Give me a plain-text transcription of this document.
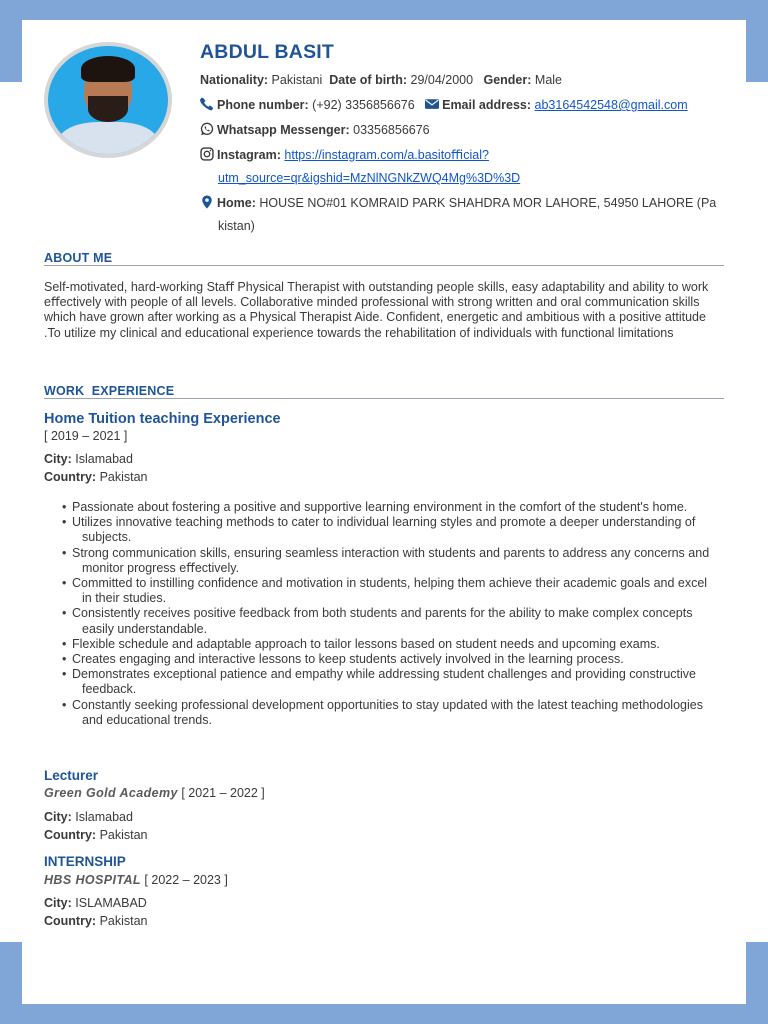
ABDUL BASIT
Nationality: Pakistani Date of birth: 29/04/2000 Gender: Male
Phone number: (+92) 3356856676 Email address: ab3164542548@gmail.com
Whatsapp Messenger: 03356856676
Instagram: https://instagram.com/a.basitoﬃcial?
utm_source=qr&igshid=MzNlNGNkZWQ4Mg%3D%3D
Home: HOUSE NO#01 KOMRAID PARK SHAHDRA MOR LAHORE, 54950 LAHORE (Pa
kistan)
ABOUT ME

Self-motivated, hard-working Staﬀ Physical Therapist with outstanding people skills, easy adaptability and ability to work eﬀectively with people of all levels. Collaborative minded professional with strong written and oral communication skills which have grown after working as a Physical Therapist Aide. Conﬁdent, energetic and ambitious with a positive attitude .To utilize my clinical and educational experience towards the rehabilitation of individuals with functional limitations

WORK  EXPERIENCE
Home Tuition teaching Experience
[ 2019 – 2021 ]
City: Islamabad
Country: Pakistan
• Passionate about fostering a positive and supportive learning environment in the comfort of the student's home.
• Utilizes innovative teaching methods to cater to individual learning styles and promote a deeper understanding of subjects.
• Strong communication skills, ensuring seamless interaction with students and parents to address any concerns and monitor progress eﬀectively.
• Committed to instilling conﬁdence and motivation in students, helping them achieve their academic goals and excel in their studies.
• Consistently receives positive feedback from both students and parents for the ability to make complex concepts easily understandable.
• Flexible schedule and adaptable approach to tailor lessons based on student needs and upcoming exams.
• Creates engaging and interactive lessons to keep students actively involved in the learning process.
• Demonstrates exceptional patience and empathy while addressing student challenges and providing constructive feedback.
• Constantly seeking professional development opportunities to stay updated with the latest teaching methodologies and educational trends.
Lecturer
Green Gold Academy [ 2021 – 2022 ]
City: Islamabad
Country: Pakistan
INTERNSHIP
HBS HOSPITAL [ 2022 – 2023 ]
City: ISLAMABAD
Country: Pakistan
